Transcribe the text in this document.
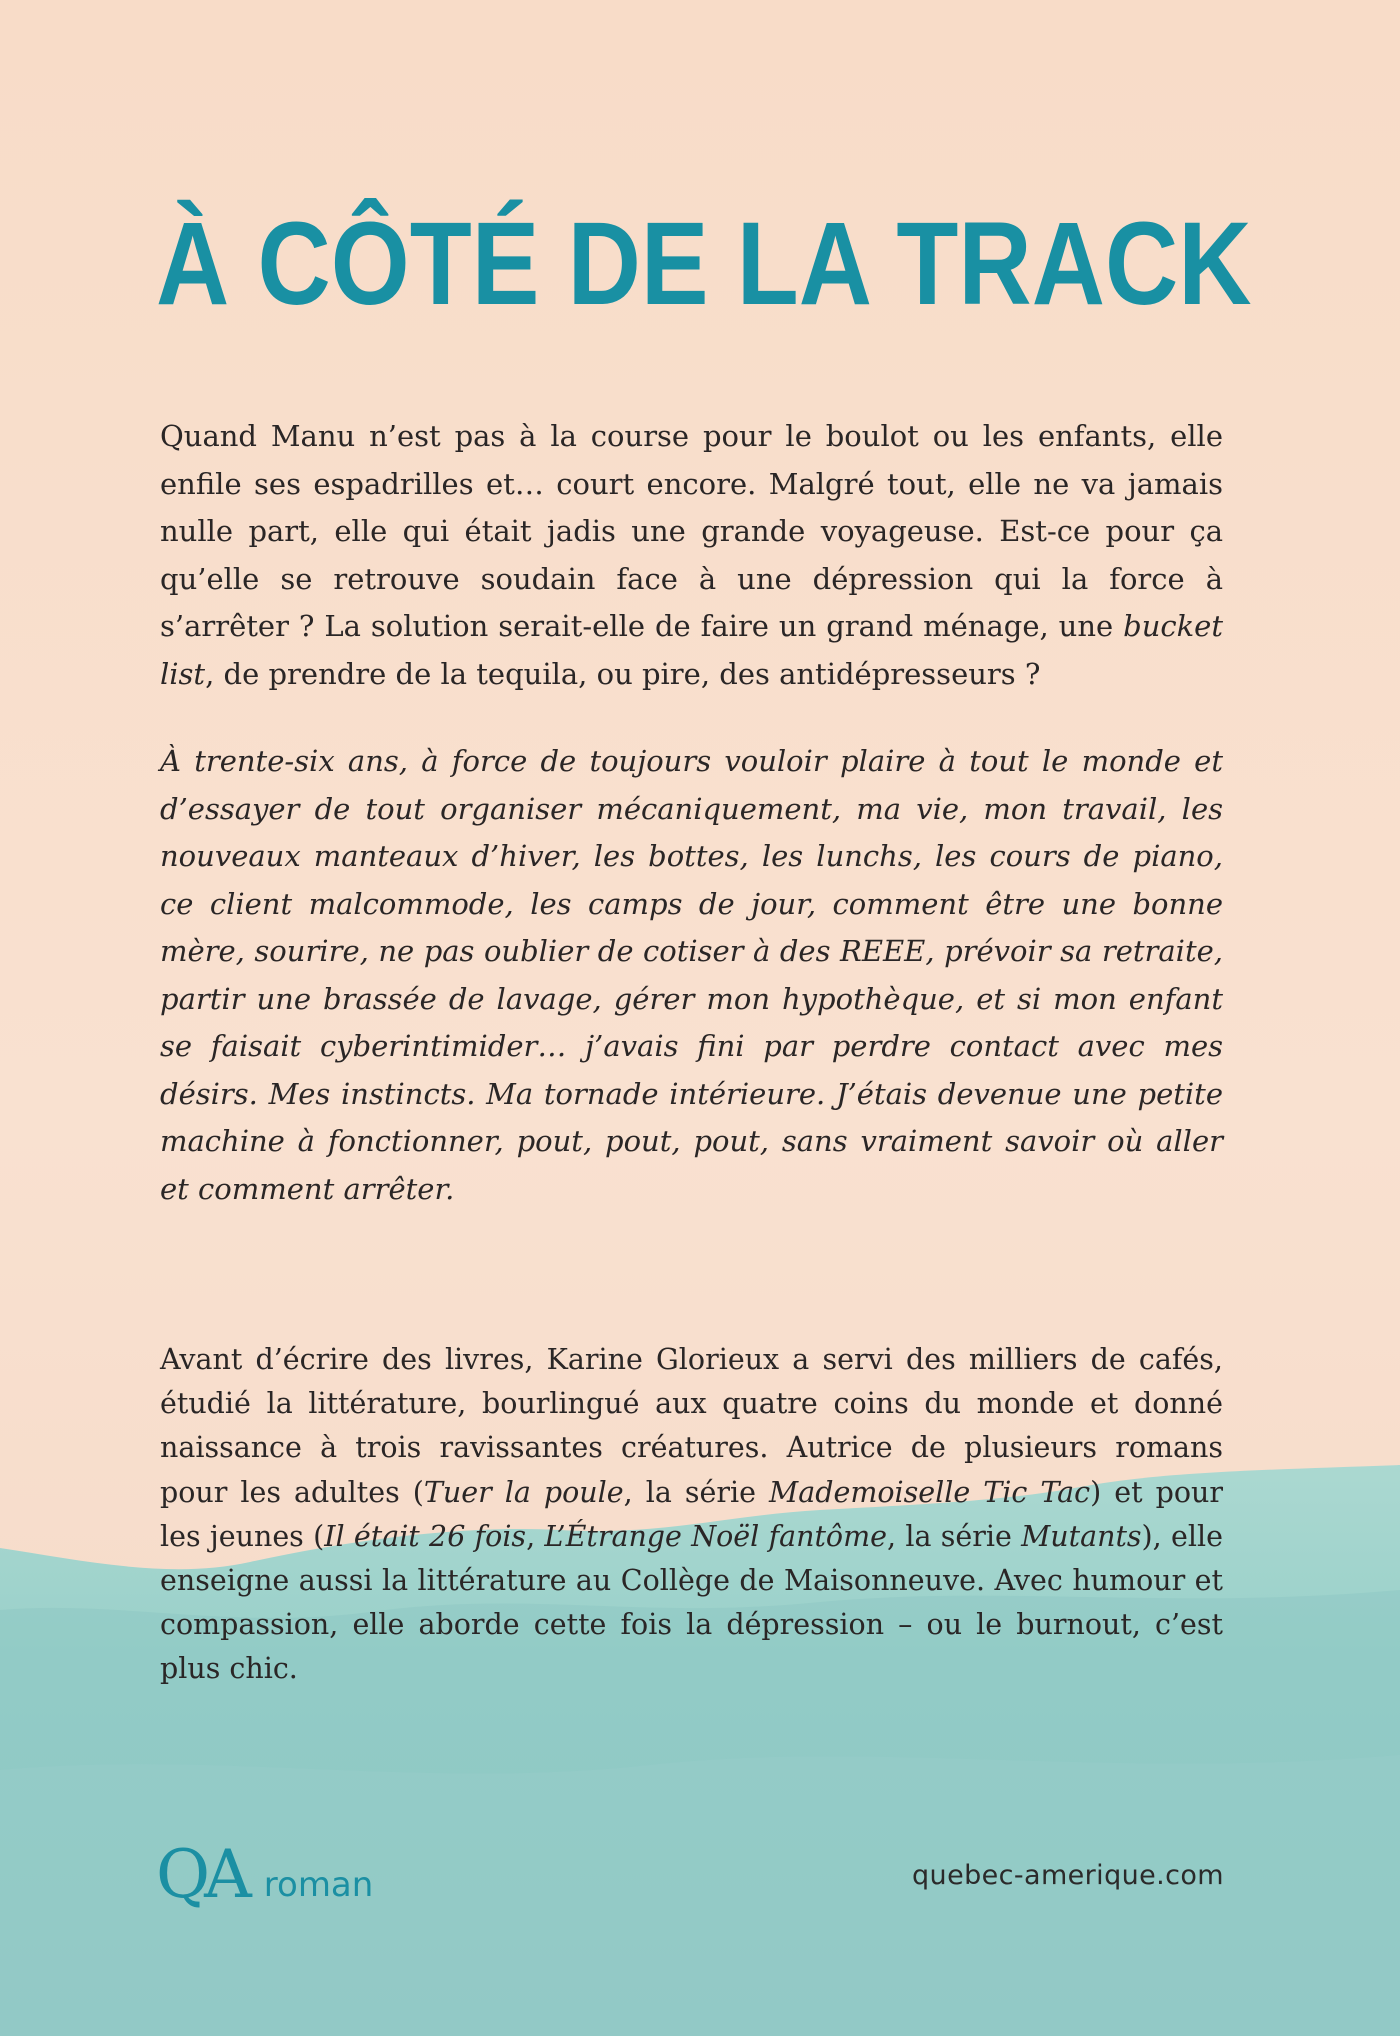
À CÔTÉ DE LA TRACK

Quand Manu n’est pas à la course pour le boulot ou les enfants, elle enfile ses espadrilles et… court encore. Malgré tout, elle ne va jamais nulle part, elle qui était jadis une grande voyageuse. Est-ce pour ça qu’elle se retrouve soudain face à une dépression qui la force à s’arrêter ? La solution serait-elle de faire un grand ménage, une bucket list, de prendre de la tequila, ou pire, des antidépresseurs ?

À trente-six ans, à force de toujours vouloir plaire à tout le monde et d’essayer de tout organiser mécaniquement, ma vie, mon travail, les nouveaux manteaux d’hiver, les bottes, les lunchs, les cours de piano, ce client malcommode, les camps de jour, comment être une bonne mère, sourire, ne pas oublier de cotiser à des REEE, prévoir sa retraite, partir une brassée de lavage, gérer mon hypothèque, et si mon enfant se faisait cyberintimider… j’avais fini par perdre contact avec mes désirs. Mes instincts. Ma tornade intérieure. J’étais devenue une petite machine à fonctionner, pout, pout, pout, sans vraiment savoir où aller et comment arrêter.

Avant d’écrire des livres, Karine Glorieux a servi des milliers de cafés, étudié la littérature, bourlingué aux quatre coins du monde et donné naissance à trois ravissantes créatures. Autrice de plusieurs romans pour les adultes (Tuer la poule, la série Mademoiselle Tic Tac) et pour les jeunes (Il était 26 fois, L’Étrange Noël fantôme, la série Mutants), elle enseigne aussi la littérature au Collège de Maisonneuve. Avec humour et compassion, elle aborde cette fois la dépression – ou le burnout, c’est plus chic.

QA roman	quebec-amerique.com
